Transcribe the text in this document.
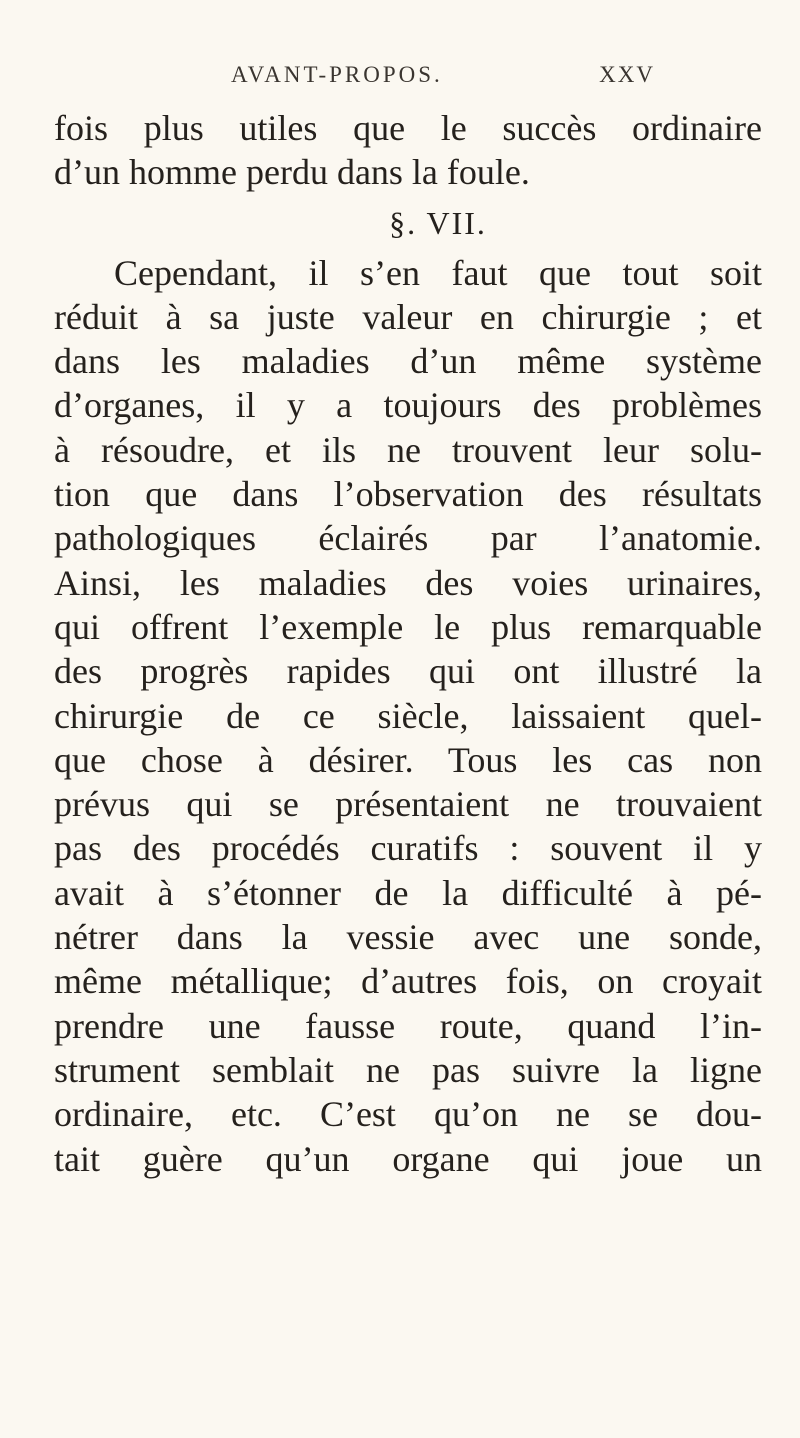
AVANT-PROPOS.	XXV
fois plus utiles que le succès ordinaire
d’un homme perdu dans la foule.
§. VII.
Cependant, il s’en faut que tout soit
réduit à sa juste valeur en chirurgie ; et
dans les maladies d’un même système
d’organes, il y a toujours des problèmes
à résoudre, et ils ne trouvent leur solu-
tion que dans l’observation des résultats
pathologiques éclairés par l’anatomie.
Ainsi, les maladies des voies urinaires,
qui offrent l’exemple le plus remarquable
des progrès rapides qui ont illustré la
chirurgie de ce siècle, laissaient quel-
que chose à désirer. Tous les cas non
prévus qui se présentaient ne trouvaient
pas des procédés curatifs : souvent il y
avait à s’étonner de la difficulté à pé-
nétrer dans la vessie avec une sonde,
même métallique; d’autres fois, on croyait
prendre une fausse route, quand l’in-
strument semblait ne pas suivre la ligne
ordinaire, etc. C’est qu’on ne se dou-
tait guère qu’un organe qui joue un
